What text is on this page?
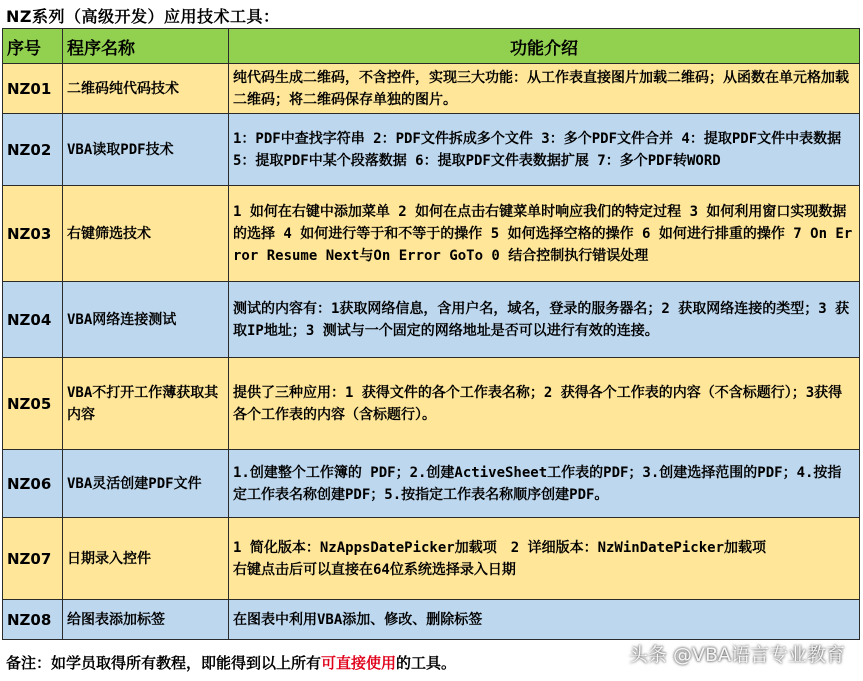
NZ系列（高级开发）应用技术工具：
序号	程序名称	功能介绍
NZ01	二维码纯代码技术	纯代码生成二维码，不含控件，实现三大功能：从工作表直接图片加载二维码；从函数在单元格加载二维码；将二维码保存单独的图片。
NZ02	VBA读取PDF技术	1：PDF中查找字符串 2：PDF文件拆成多个文件 3：多个PDF文件合并 4：提取PDF文件中表数据 5：提取PDF中某个段落数据 6：提取PDF文件表数据扩展 7：多个PDF转WORD
NZ03	右键筛选技术	1 如何在右键中添加菜单 2 如何在点击右键菜单时响应我们的特定过程 3 如何利用窗口实现数据的选择 4 如何进行等于和不等于的操作 5 如何选择空格的操作 6 如何进行排重的操作 7 On Error Resume Next与On Error GoTo 0 结合控制执行错误处理
NZ04	VBA网络连接测试	测试的内容有：1获取网络信息，含用户名，域名，登录的服务器名；2 获取网络连接的类型；3 获取IP地址；3 测试与一个固定的网络地址是否可以进行有效的连接。
NZ05	VBA不打开工作薄获取其内容	提供了三种应用：1 获得文件的各个工作表名称；2 获得各个工作表的内容（不含标题行）；3获得各个工作表的内容（含标题行）。
NZ06	VBA灵活创建PDF文件	1.创建整个工作簿的 PDF；2.创建ActiveSheet工作表的PDF；3.创建选择范围的PDF；4.按指定工作表名称创建PDF；5.按指定工作表名称顺序创建PDF。
NZ07	日期录入控件	1 简化版本：NzAppsDatePicker加载项　2 详细版本：NzWinDatePicker加载项
右键点击后可以直接在64位系统选择录入日期
NZ08	给图表添加标签	在图表中利用VBA添加、修改、删除标签
备注：如学员取得所有教程，即能得到以上所有可直接使用的工具。	头条 @VBA语言专业教育
